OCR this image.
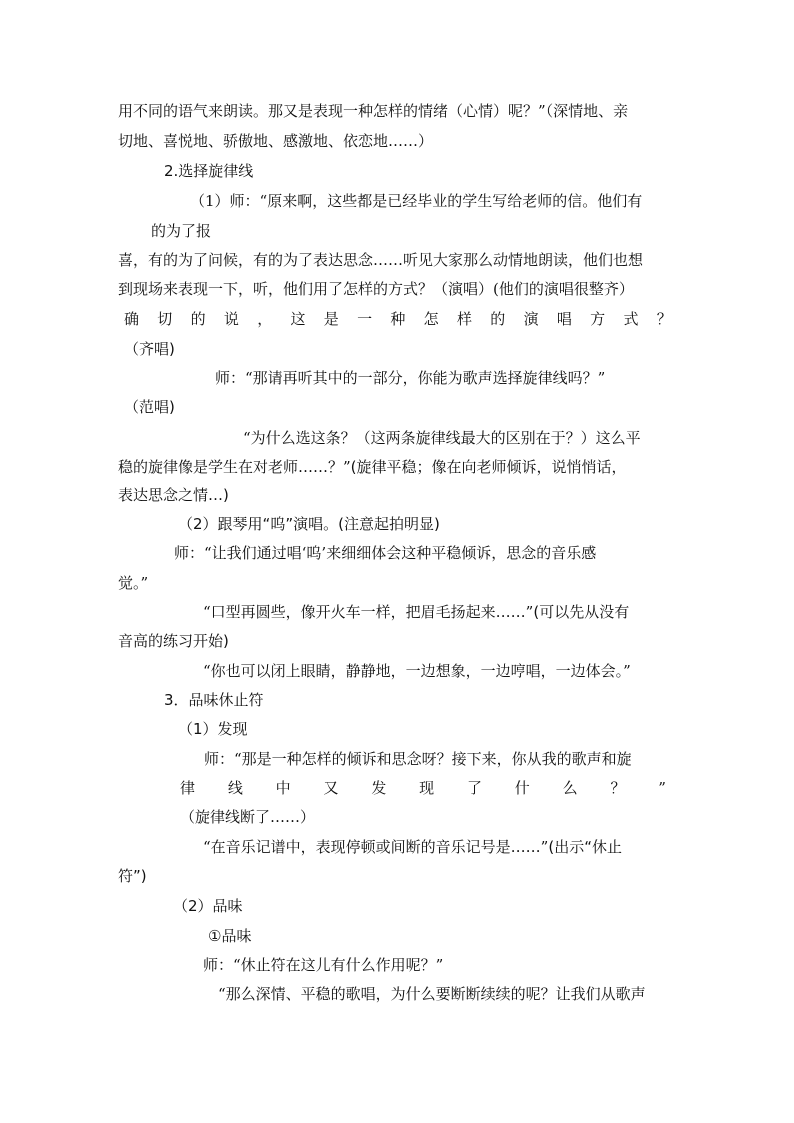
用不同的语气来朗读。那又是表现一种怎样的情绪（心情）呢？”（深情地、亲
切地、喜悦地、骄傲地、感激地、依恋地……）
2.选择旋律线
（1）师：“原来啊，这些都是已经毕业的学生写给老师的信。他们有
的为了报
喜，有的为了问候，有的为了表达思念……听见大家那么动情地朗读，他们也想
到现场来表现一下，听，他们用了怎样的方式？（演唱）(他们的演唱很整齐）
确 切 的 说 ， 这 是 一 种 怎 样 的 演 唱 方 式 ？
（齐唱)
师：“那请再听其中的一部分，你能为歌声选择旋律线吗？”
（范唱)
“为什么选这条？（这两条旋律线最大的区别在于？）这么平
稳的旋律像是学生在对老师……？”(旋律平稳；像在向老师倾诉，说悄悄话，
表达思念之情…)
（2）跟琴用“呜”演唱。(注意起拍明显)
师：“让我们通过唱‘呜’来细细体会这种平稳倾诉，思念的音乐感
觉。”
“口型再圆些，像开火车一样，把眉毛扬起来……”(可以先从没有
音高的练习开始)
“你也可以闭上眼睛，静静地，一边想象，一边哼唱，一边体会。”
3．品味休止符
（1）发现
师：“那是一种怎样的倾诉和思念呀？接下来，你从我的歌声和旋
律 线 中 又 发 现 了 什 么 ？ ”
（旋律线断了……）
“在音乐记谱中，表现停顿或间断的音乐记号是……”(出示“休止
符”)
（2）品味
①品味
师：“休止符在这儿有什么作用呢？”
“那么深情、平稳的歌唱，为什么要断断续续的呢？让我们从歌声
